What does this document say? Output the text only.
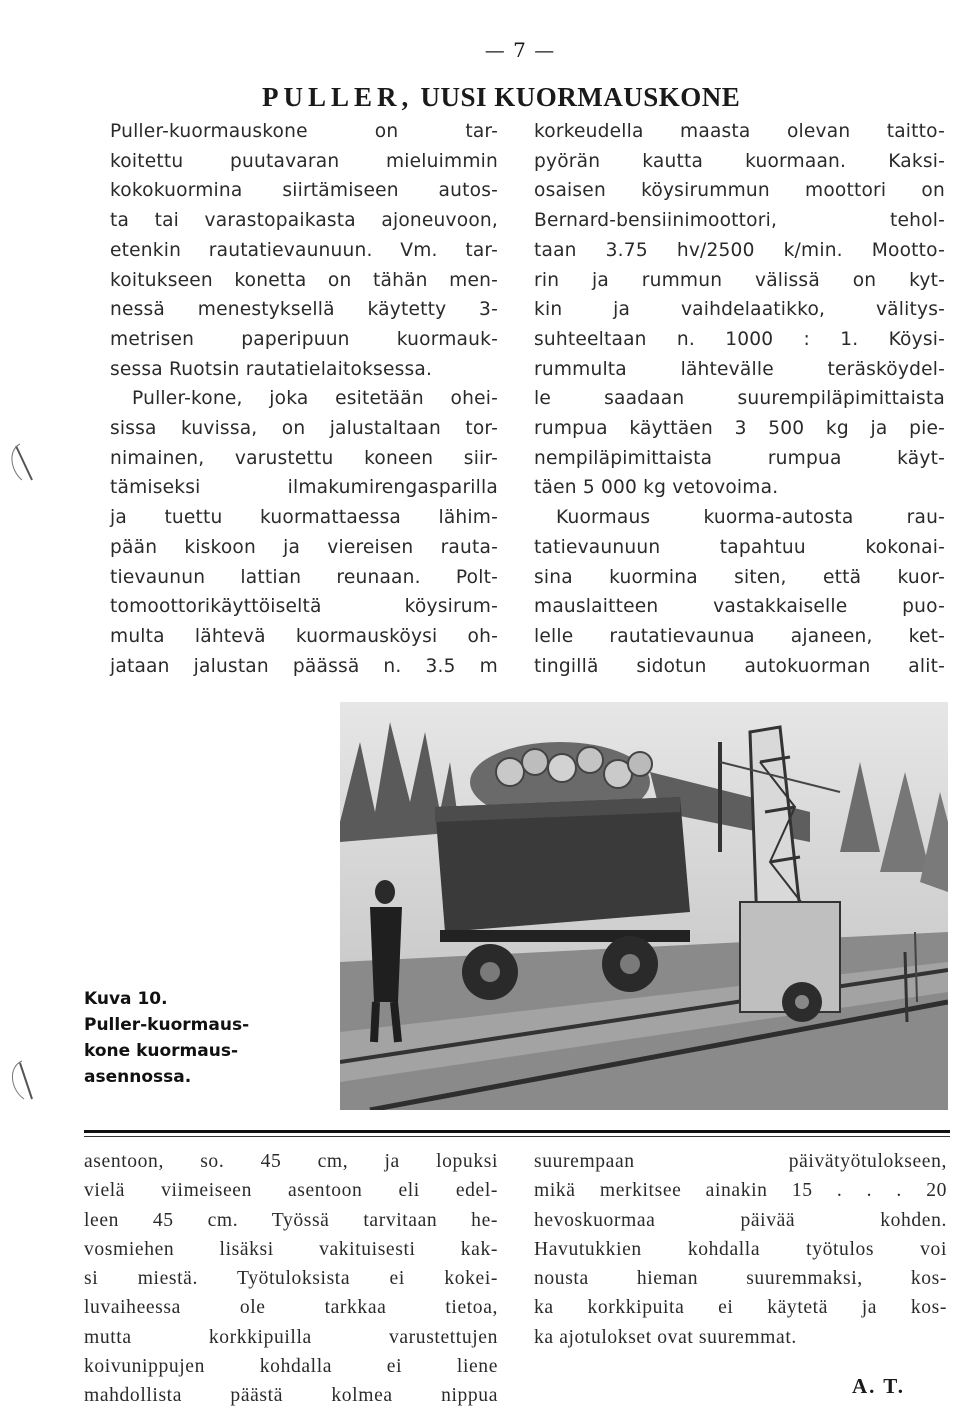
— 7 —
PULLER, UUSI KUORMAUSKONE
Puller-kuormauskone on tar-
koitettu puutavaran mieluimmin
kokokuormina siirtämiseen autos-
ta tai varastopaikasta ajoneuvoon,
etenkin rautatievaunuun. Vm. tar-
koitukseen konetta on tähän men-
nessä menestyksellä käytetty 3-
metrisen paperipuun kuormauk-
sessa Ruotsin rautatielaitoksessa.
Puller-kone, joka esitetään ohei-
sissa kuvissa, on jalustaltaan tor-
nimainen, varustettu koneen siir-
tämiseksi ilmakumirengasparilla
ja tuettu kuormattaessa lähim-
pään kiskoon ja viereisen rauta-
tievaunun lattian reunaan. Polt-
tomoottorikäyttöiseltä köysirum-
multa lähtevä kuormausköysi oh-
jataan jalustan päässä n. 3.5 m
korkeudella maasta olevan taitto-
pyörän kautta kuormaan. Kaksi-
osaisen köysirummun moottori on
Bernard-bensiinimoottori, tehol-
taan 3.75 hv/2500 k/min. Mootto-
rin ja rummun välissä on kyt-
kin ja vaihdelaatikko, välitys-
suhteeltaan n. 1000 : 1. Köysi-
rummulta lähtevälle teräsköydel-
le saadaan suurempiläpimittaista
rumpua käyttäen 3 500 kg ja pie-
nempiläpimittaista rumpua käyt-
täen 5 000 kg vetovoima.
Kuormaus kuorma-autosta rau-
tatievaunuun tapahtuu kokonai-
sina kuormina siten, että kuor-
mauslaitteen vastakkaiselle puo-
lelle rautatievaunua ajaneen, ket-
tingillä sidotun autokuorman alit-
Kuva 10.
Puller-kuormaus-
kone kuormaus-
asennossa.
asentoon, so. 45 cm, ja lopuksi
vielä viimeiseen asentoon eli edel-
leen 45 cm. Työssä tarvitaan he-
vosmiehen lisäksi vakituisesti kak-
si miestä. Työtuloksista ei kokei-
luvaiheessa ole tarkkaa tietoa,
mutta korkkipuilla varustettujen
koivunippujen kohdalla ei liene
mahdollista päästä kolmea nippua
suurempaan päivätyötulokseen,
mikä merkitsee ainakin 15 . . . 20
hevoskuormaa päivää kohden.
Havutukkien kohdalla työtulos voi
nousta hieman suuremmaksi, kos-
ka korkkipuita ei käytetä ja kos-
ka ajotulokset ovat suuremmat.
A. T.
